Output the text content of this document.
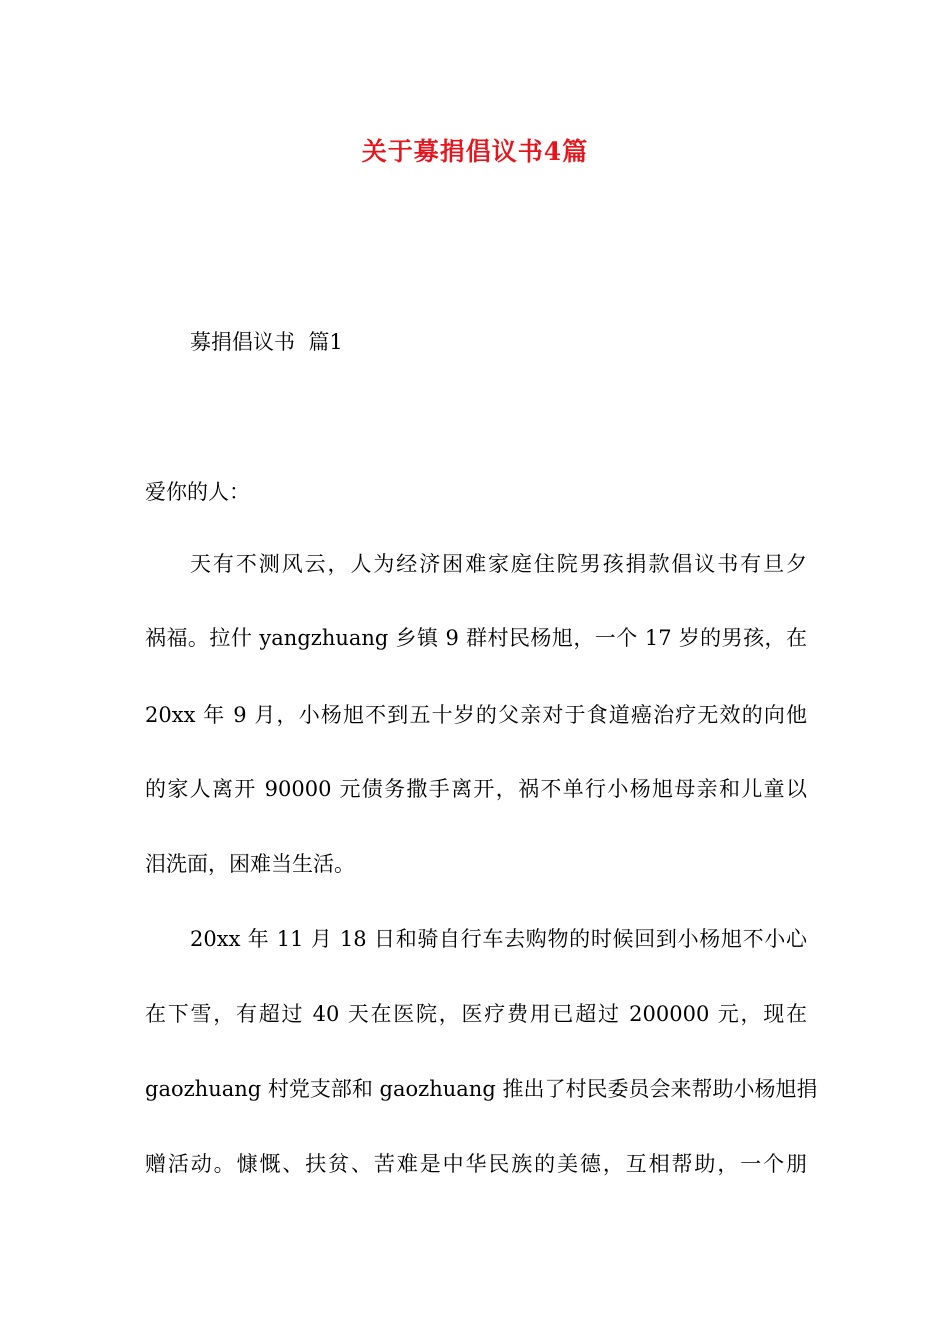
关于募捐倡议书4篇
募捐倡议书  篇1
爱你的人：
天有不测风云，人为经济困难家庭住院男孩捐款倡议书有旦夕
祸福。拉什 yangzhuang 乡镇 9 群村民杨旭，一个 17 岁的男孩，在
20xx 年 9 月，小杨旭不到五十岁的父亲对于食道癌治疗无效的向他
的家人离开 90000 元债务撒手离开，祸不单行小杨旭母亲和儿童以
泪洗面，困难当生活。
20xx 年 11 月 18 日和骑自行车去购物的时候回到小杨旭不小心
在下雪，有超过 40 天在医院，医疗费用已超过 200000 元，现在
gaozhuang 村党支部和 gaozhuang 推出了村民委员会来帮助小杨旭捐
赠活动。慷慨、扶贫、苦难是中华民族的美德，互相帮助，一个朋
